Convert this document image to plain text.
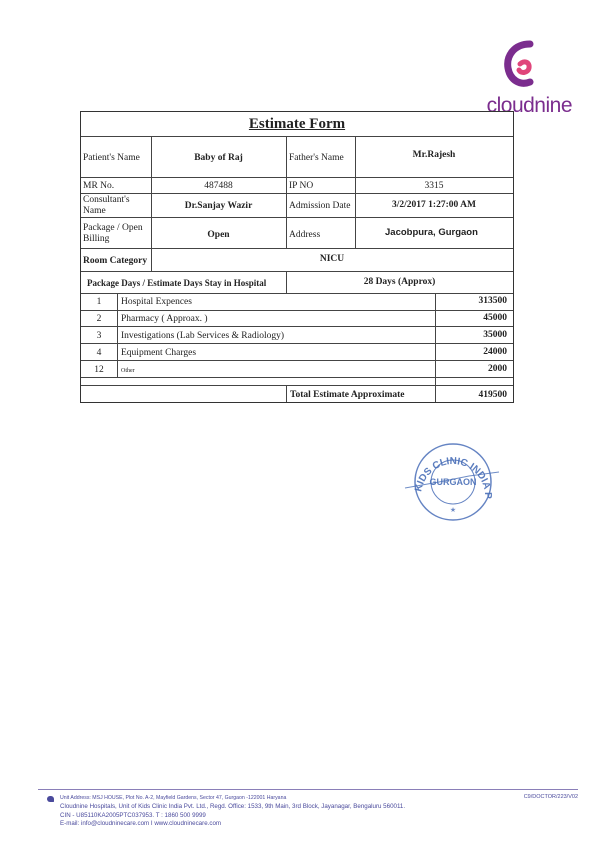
cloudnine
Estimate Form
Patient's Name	Baby of Raj	Father's Name	Mr.Rajesh
MR No.	487488	IP NO	3315
Consultant's
Name	Dr.Sanjay Wazir	Admission Date	3/2/2017 1:27:00 AM
Package / Open
Billing	Open	Address	Jacobpura, Gurgaon
Room Category	NICU
Package Days / Estimate Days Stay in Hospital	28 Days (Approx)
1	Hospital Expences	313500
2	Pharmacy ( Approax. )	45000
3	Investigations (Lab Services & Radiology)	35000
4	Equipment Charges	24000
12	Other	2000
Total Estimate Approximate	419500
KIDS CLINIC INDIA P
GURGAON
★
Unit Address: MSJ HOUSE, Plot No. A-2, Mayfield Gardens, Sector 47, Gurgaon -122001 Haryana
Cloudnine Hospitals, Unit of Kids Clinic India Pvt. Ltd., Regd. Office: 1533, 9th Main, 3rd Block, Jayanagar, Bengaluru 560011.
CIN - U85110KA2005PTC037953. T : 1860 500 9999
E-mail: info@cloudninecare.com I www.cloudninecare.com
C9/DOCTOR/223/V02
